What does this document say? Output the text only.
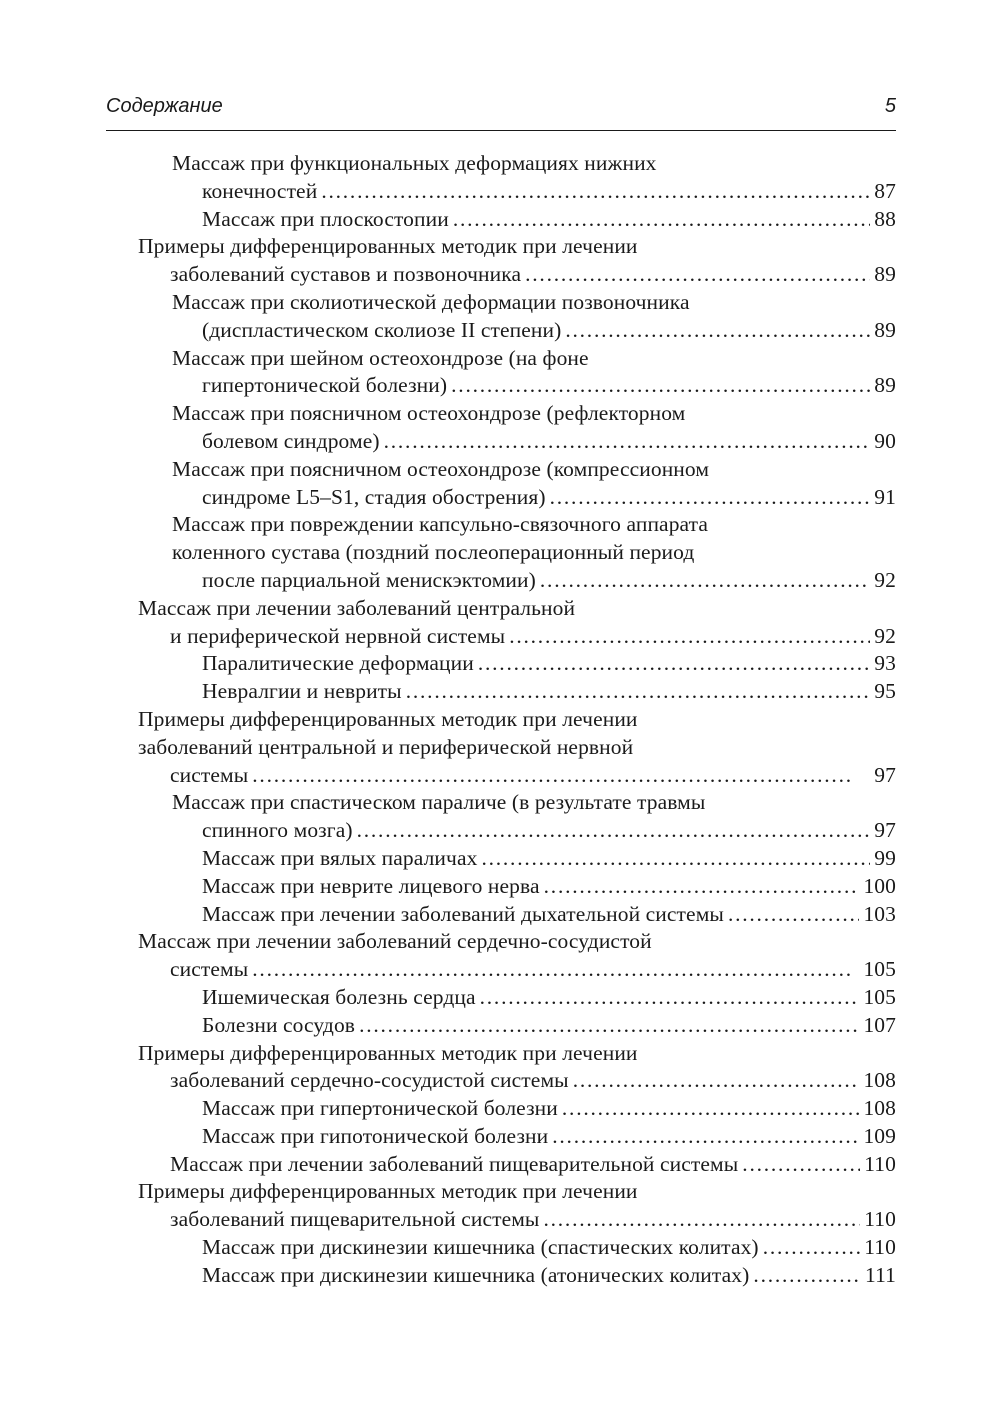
Содержание	5
Массаж при функциональных деформациях нижних
конечностей . . .	87
Массаж при плоскостопии . . .	88
Примеры дифференцированных методик при лечении
заболеваний суставов и позвоночника . . .	89
Массаж при сколиотической деформации позвоночника
(диспластическом сколиозе II степени) . . .	89
Массаж при шейном остеохондрозе (на фоне
гипертонической болезни) . . .	89
Массаж при поясничном остеохондрозе (рефлекторном
болевом синдроме) . . .	90
Массаж при поясничном остеохондрозе (компрессионном
синдроме L5–S1, стадия обострения) . . .	91
Массаж при повреждении капсульно-связочного аппарата
коленного сустава (поздний послеоперационный период
после парциальной менискэктомии) . . .	92
Массаж при лечении заболеваний центральной
и периферической нервной системы . . .	92
Паралитические деформации . . .	93
Невралгии и невриты . . .	95
Примеры дифференцированных методик при лечении
заболеваний центральной и периферической нервной
системы . . .	97
Массаж при спастическом параличе (в результате травмы
спинного мозга) . . .	97
Массаж при вялых параличах . . .	99
Массаж при неврите лицевого нерва . . .	100
Массаж при лечении заболеваний дыхательной системы . . .	103
Массаж при лечении заболеваний сердечно-сосудистой
системы . . .	105
Ишемическая болезнь сердца . . .	105
Болезни сосудов . . .	107
Примеры дифференцированных методик при лечении
заболеваний сердечно-сосудистой системы . . .	108
Массаж при гипертонической болезни . . .	108
Массаж при гипотонической болезни . . .	109
Массаж при лечении заболеваний пищеварительной системы . . .	110
Примеры дифференцированных методик при лечении
заболеваний пищеварительной системы . . .	110
Массаж при дискинезии кишечника (спастических колитах) . . .	110
Массаж при дискинезии кишечника (атонических колитах) . . .	111
